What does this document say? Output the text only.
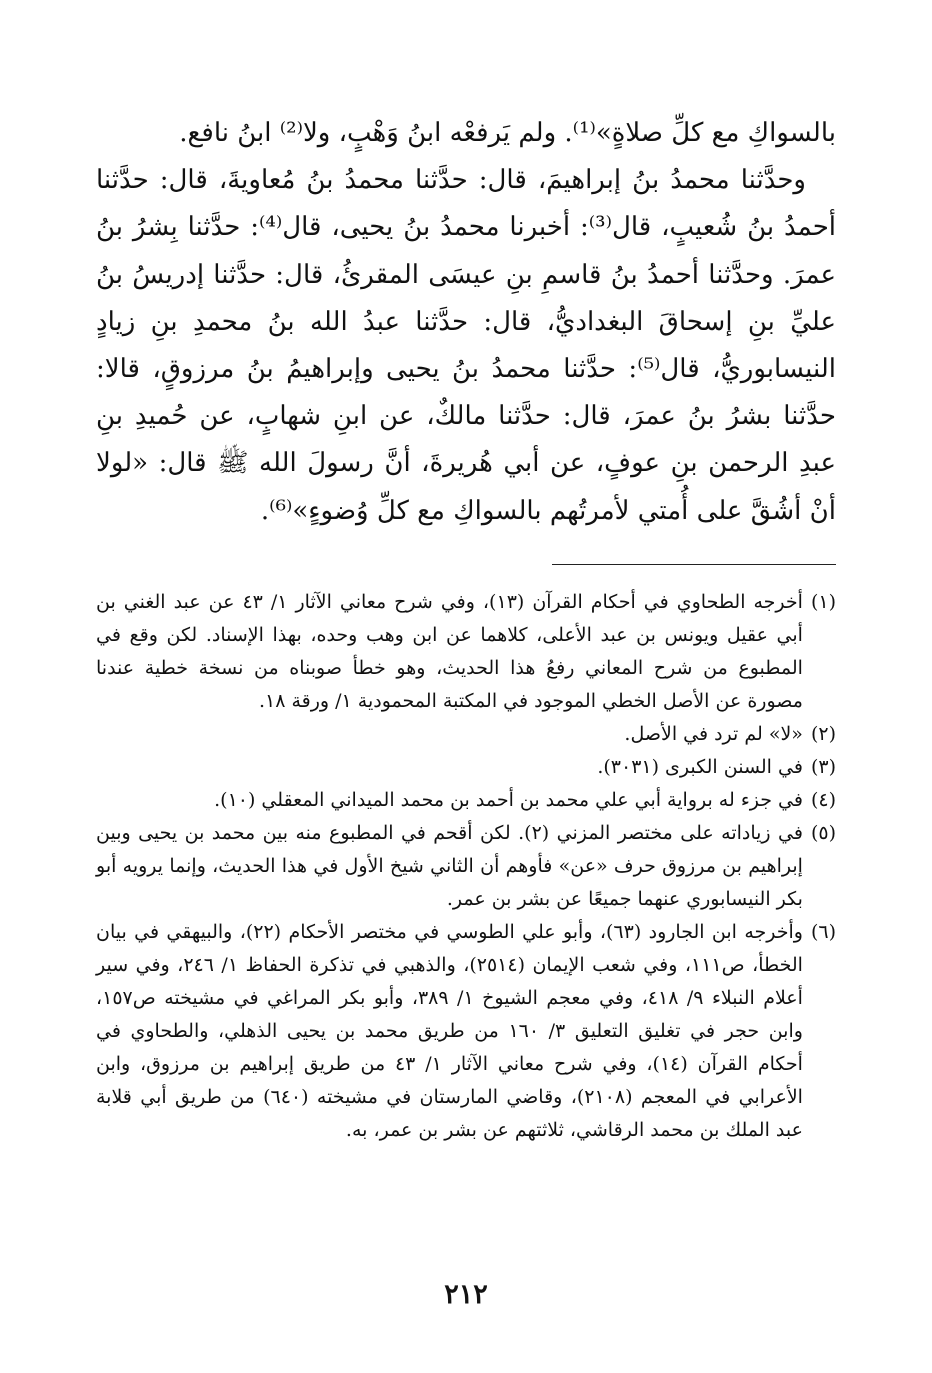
بالسواكِ مع كلِّ صلاةٍ»⁽¹⁾. ولم يَرفعْه ابنُ وَهْبٍ، ولا⁽²⁾ ابنُ نافع.

وحدَّثنا محمدُ بنُ إبراهيمَ، قال: حدَّثنا محمدُ بنُ مُعاويةَ، قال: حدَّثنا أحمدُ بنُ شُعيبٍ، قال⁽³⁾: أخبرنا محمدُ بنُ يحيى، قال⁽⁴⁾: حدَّثنا بِشرُ بنُ عمرَ. وحدَّثنا أحمدُ بنُ قاسمِ بنِ عيسَى المقرئُ، قال: حدَّثنا إدريسُ بنُ عليِّ بنِ إسحاقَ البغداديُّ، قال: حدَّثنا عبدُ الله بنُ محمدِ بنِ زيادٍ النيسابوريُّ، قال⁽⁵⁾: حدَّثنا محمدُ بنُ يحيى وإبراهيمُ بنُ مرزوقٍ، قالا: حدَّثنا بشرُ بنُ عمرَ، قال: حدَّثنا مالكٌ، عن ابنِ شهابٍ، عن حُميدِ بنِ عبدِ الرحمن بنِ عوفٍ، عن أبي هُريرةَ، أنَّ رسولَ الله ﷺ قال: «لولا أنْ أشُقَّ على أُمتي لأمرتُهم بالسواكِ مع كلِّ وُضوءٍ»⁽⁶⁾.

(١)
أخرجه الطحاوي في أحكام القرآن (١٣)، وفي شرح معاني الآثار ١/ ٤٣ عن عبد الغني بن أبي عقيل ويونس بن عبد الأعلى، كلاهما عن ابن وهب وحده، بهذا الإسناد. لكن وقع في المطبوع من شرح المعاني رفعُ هذا الحديث، وهو خطأ صوبناه من نسخة خطية عندنا مصورة عن الأصل الخطي الموجود في المكتبة المحمودية ١/ ورقة ١٨.
(٢)
«لا» لم ترد في الأصل.
(٣)
في السنن الكبرى (٣٠٣١).
(٤)
في جزء له برواية أبي علي محمد بن أحمد بن محمد الميداني المعقلي (١٠).
(٥)
في زياداته على مختصر المزني (٢). لكن أقحم في المطبوع منه بين محمد بن يحيى وبين إبراهيم بن مرزوق حرف «عن» فأوهم أن الثاني شيخ الأول في هذا الحديث، وإنما يرويه أبو بكر النيسابوري عنهما جميعًا عن بشر بن عمر.
(٦)
وأخرجه ابن الجارود (٦٣)، وأبو علي الطوسي في مختصر الأحكام (٢٢)، والبيهقي في بيان الخطأ، ص١١١، وفي شعب الإيمان (٢٥١٤)، والذهبي في تذكرة الحفاظ ١/ ٢٤٦، وفي سير أعلام النبلاء ٩/ ٤١٨، وفي معجم الشيوخ ١/ ٣٨٩، وأبو بكر المراغي في مشيخته ص١٥٧، وابن حجر في تغليق التعليق ٣/ ١٦٠ من طريق محمد بن يحيى الذهلي، والطحاوي في أحكام القرآن (١٤)، وفي شرح معاني الآثار ١/ ٤٣ من طريق إبراهيم بن مرزوق، وابن الأعرابي في المعجم (٢١٠٨)، وقاضي المارستان في مشيخته (٦٤٠) من طريق أبي قلابة عبد الملك بن محمد الرقاشي، ثلاثتهم عن بشر بن عمر، به.
٢١٢
